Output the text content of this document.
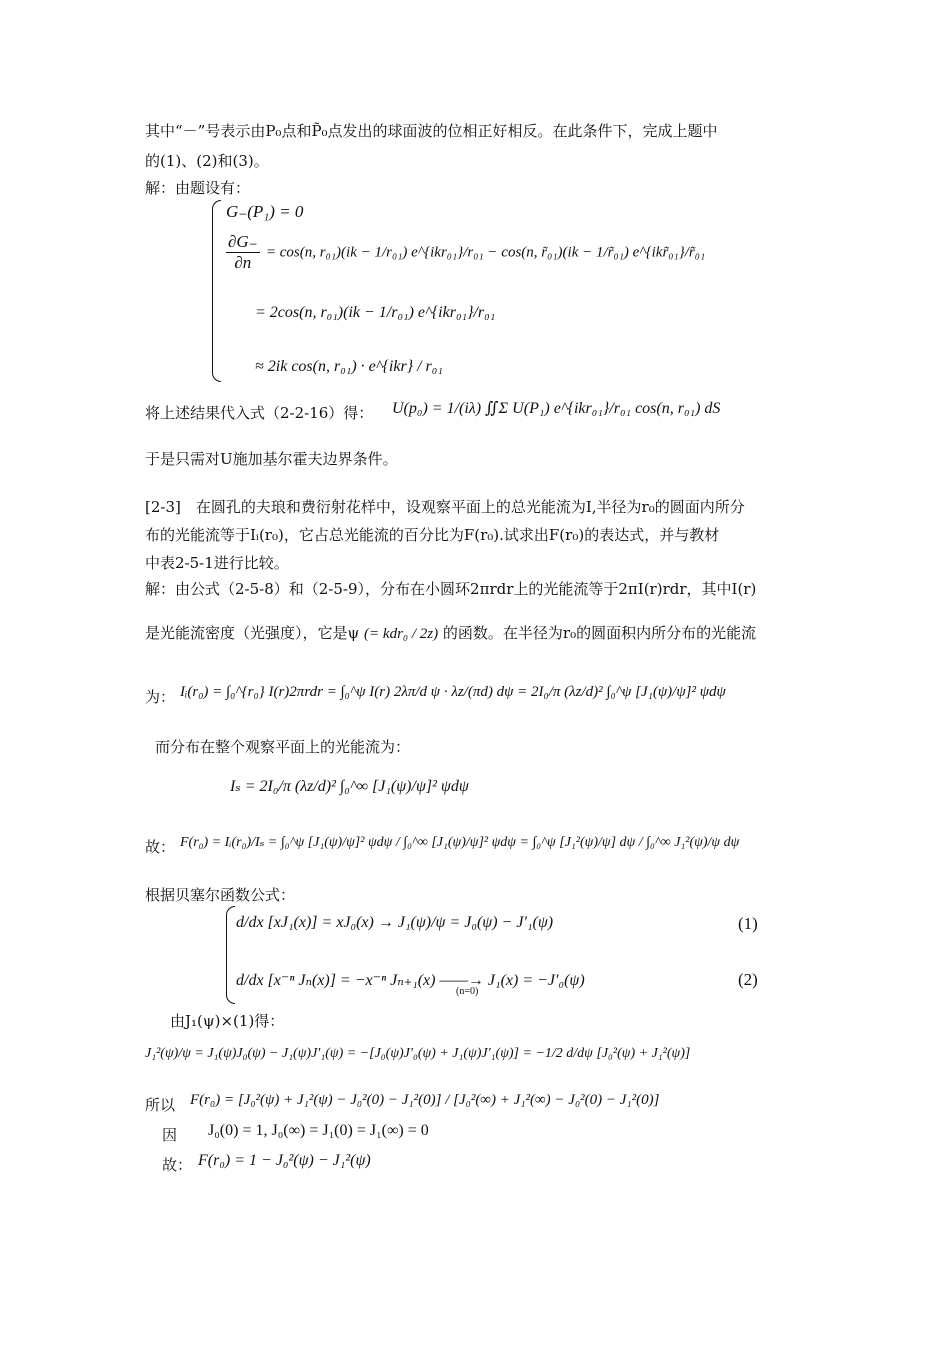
其中“－”号表示由P₀点和P̃₀点发出的球面波的位相正好相反。在此条件下，完成上题中
的(1)、(2)和(3)。
解：由题设有：
G₋(P₁) = 0
$\frac{\partial G_-}{\partial n} = \cos(n$, r₀₁)(ik − 1/r₀₁) e^{ikr₀₁}/r₀₁ − cos(n, r̃₀₁)(ik − 1/r̃₀₁) e^{ikr̃₀₁}/r̃₀₁
= 2cos(n, r₀₁)(ik − 1/r₀₁) e^{ikr₀₁}/r₀₁
≈ 2ik cos(n, r₀₁) · e^{ikr} / r₀₁
将上述结果代入式（2-2-16）得： U(p₀) = 1/(iλ) ∬Σ U(P₁) e^{ikr₀₁}/r₀₁ cos(n, r₀₁) dS
于是只需对U施加基尔霍夫边界条件。
[2-3]　在圆孔的夫琅和费衍射花样中，设观察平面上的总光能流为I,半径为r₀的圆面内所分
布的光能流等于Iᵢ(r₀)，它占总光能流的百分比为F(r₀).试求出F(r₀)的表达式，并与教材
中表2-5-1进行比较。
解：由公式（2-5-8）和（2-5-9），分布在小圆环2πrdr上的光能流等于2πI(r)rdr，其中I(r)
是光能流密度（光强度），它是ψ (= kdr₀ / 2z) 的函数。在半径为r₀的圆面积内所分布的光能流
为： Iᵢ(r₀) = ∫₀^{r₀} I(r)2πrdr = ∫₀^ψ I(r) 2λπ/d ψ · λz/(πd) dψ = 2I₀/π (λz/d)² ∫₀^ψ [J₁(ψ)/ψ]² ψdψ
而分布在整个观察平面上的光能流为：
Iₛ = 2I₀/π (λz/d)² ∫₀^∞ [J₁(ψ)/ψ]² ψdψ
故： F(r₀) = Iᵢ(r₀)/Iₛ = ∫₀^ψ [J₁(ψ)/ψ]² ψdψ / ∫₀^∞ [J₁(ψ)/ψ]² ψdψ = ∫₀^ψ [J₁²(ψ)/ψ] dψ / ∫₀^∞ J₁²(ψ)/ψ dψ
根据贝塞尔函数公式：
d/dx [xJ₁(x)] = xJ₀(x) → J₁(ψ)/ψ = J₀(ψ) − J′₁(ψ)	(1)
d/dx [x⁻ⁿ Jₙ(x)] = −x⁻ⁿ Jₙ₊₁(x) ——→ J₁(x) = −J′₀(ψ)
(n=0)
(2)
由J₁(ψ)×(1)得：
J₁²(ψ)/ψ = J₁(ψ)J₀(ψ) − J₁(ψ)J′₁(ψ) = −[J₀(ψ)J′₀(ψ) + J₁(ψ)J′₁(ψ)] = −1/2 d/dψ [J₀²(ψ) + J₁²(ψ)]
所以 F(r₀) = [J₀²(ψ) + J₁²(ψ) − J₀²(0) − J₁²(0)] / [J₀²(∞) + J₁²(∞) − J₀²(0) − J₁²(0)]
因 J₀(0) = 1, J₀(∞) = J₁(0) = J₁(∞) = 0
故： F(r₀) = 1 − J₀²(ψ) − J₁²(ψ)
